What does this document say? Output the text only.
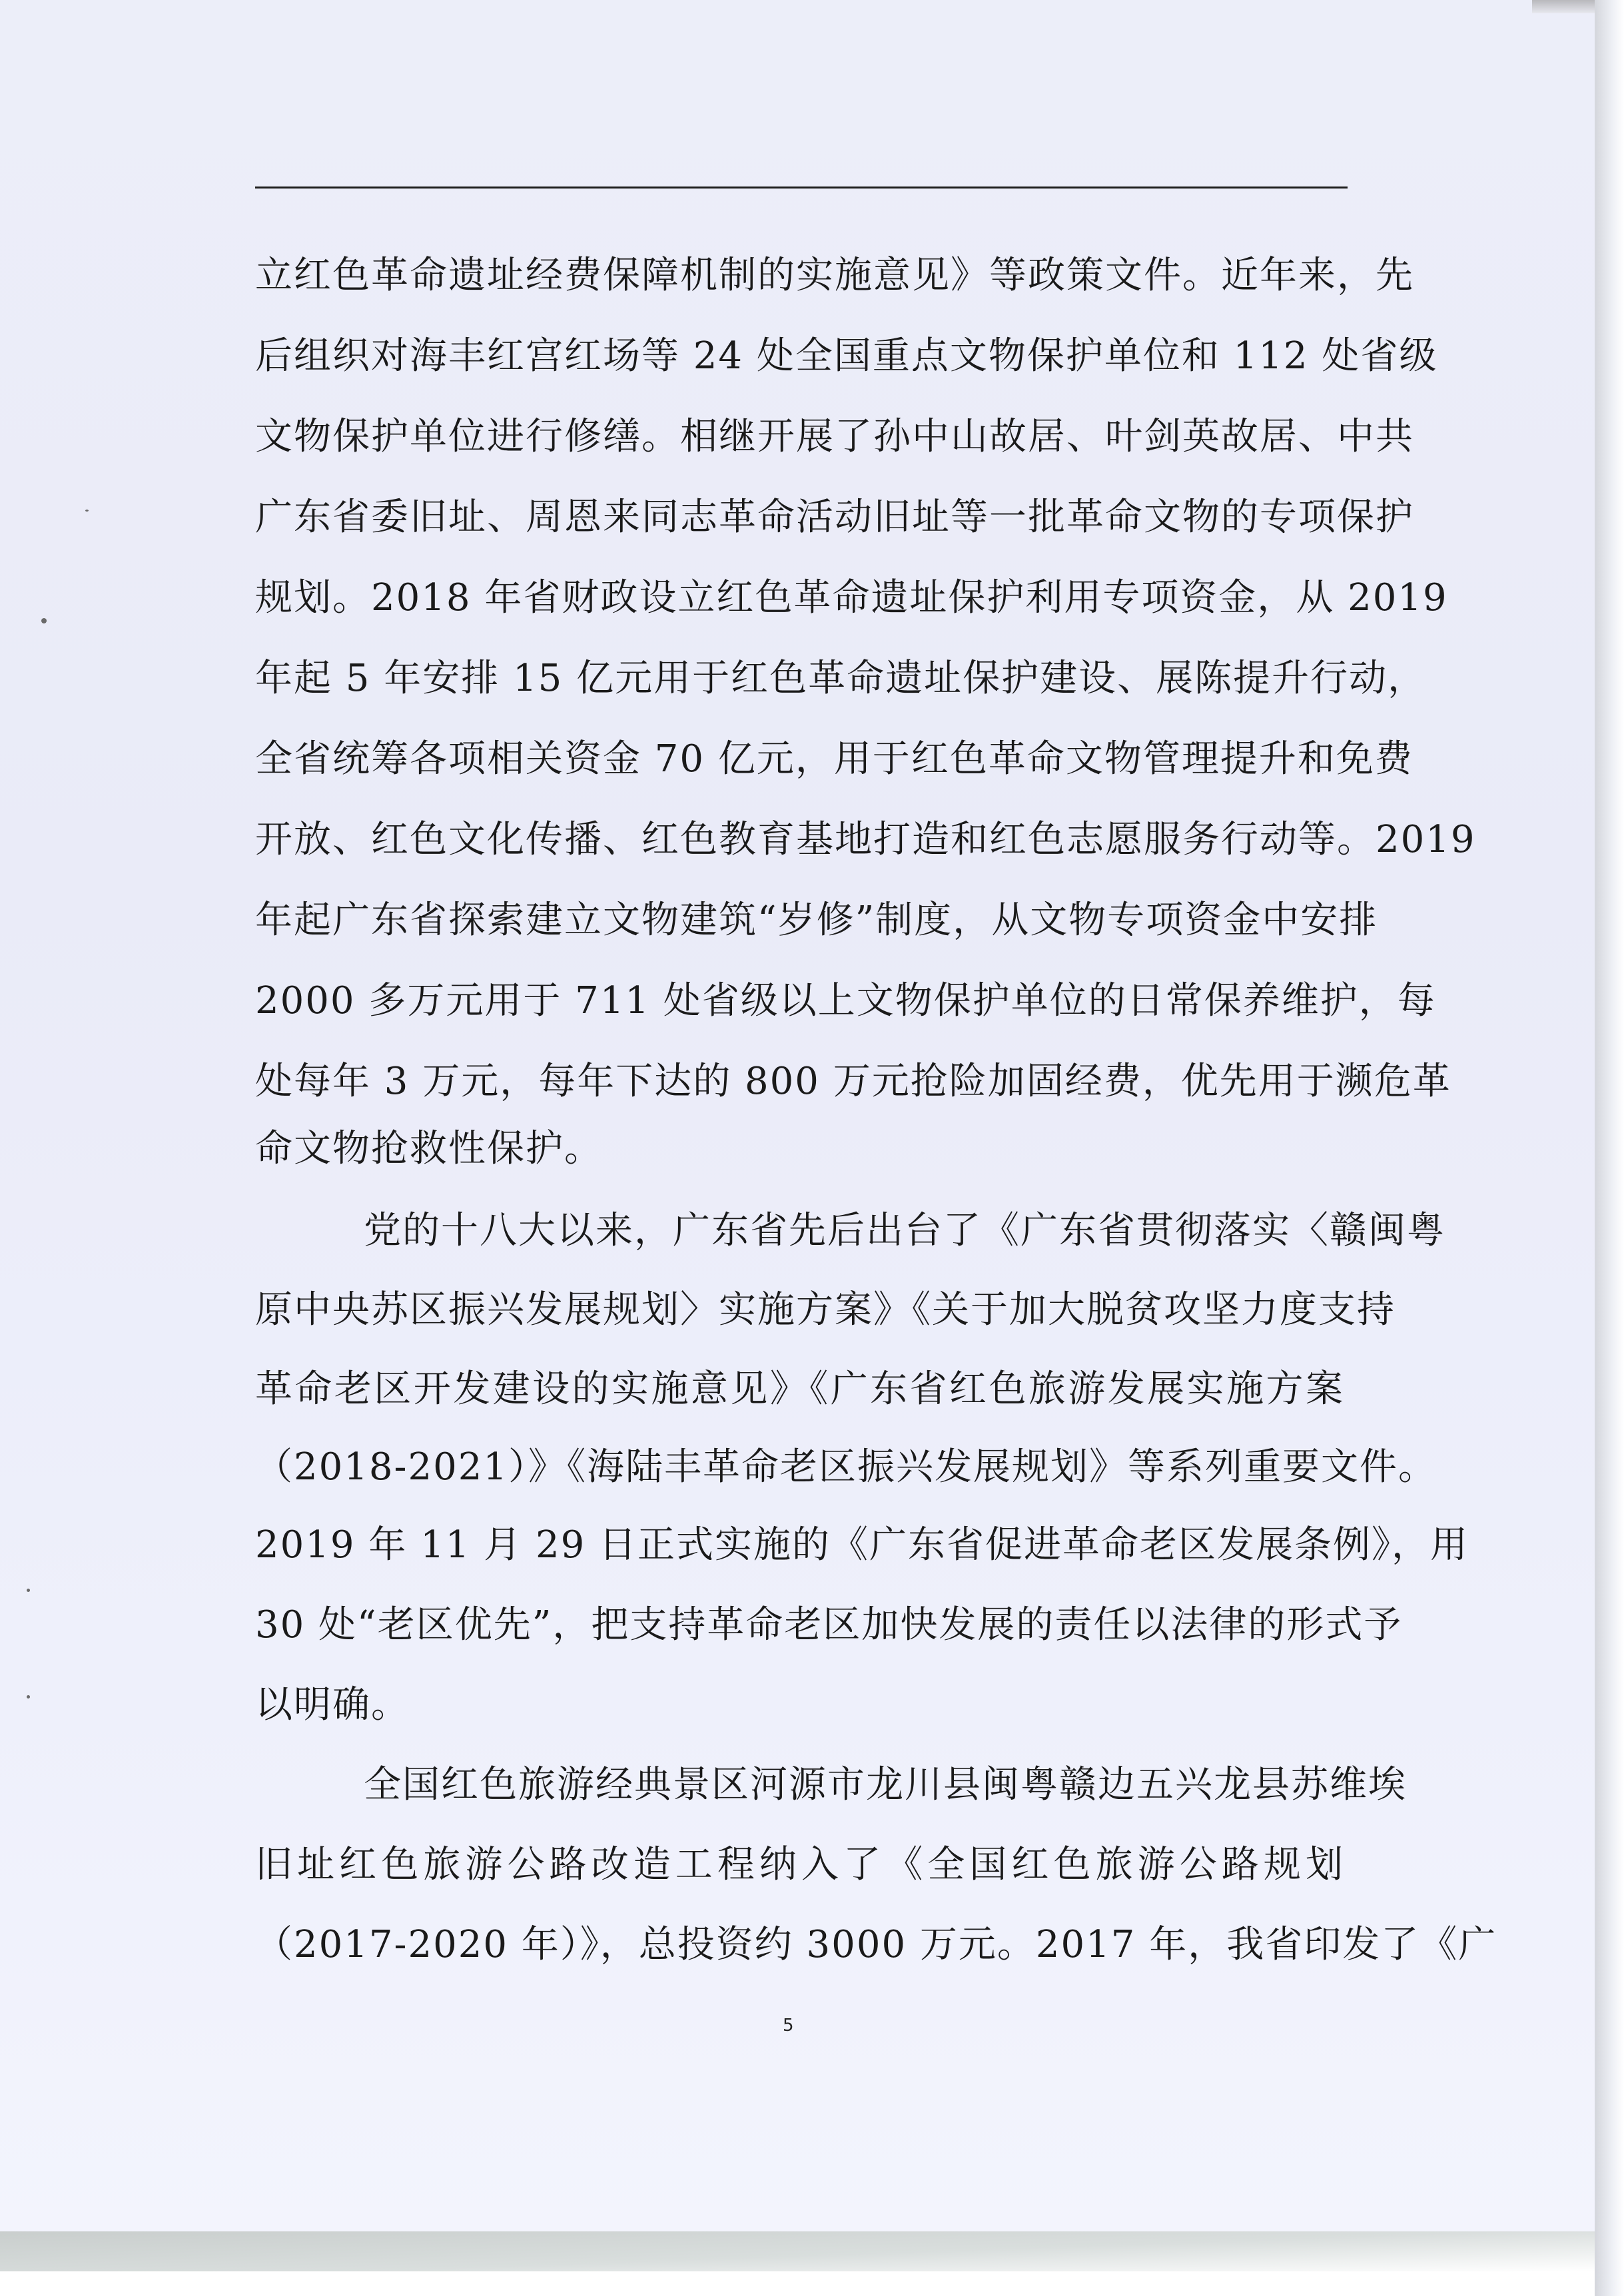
立红色革命遗址经费保障机制的实施意见》等政策文件。近年来，先
后组织对海丰红宫红场等 24 处全国重点文物保护单位和 112 处省级
文物保护单位进行修缮。相继开展了孙中山故居、叶剑英故居、中共
广东省委旧址、周恩来同志革命活动旧址等一批革命文物的专项保护
规划。2018 年省财政设立红色革命遗址保护利用专项资金，从 2019
年起 5 年安排 15 亿元用于红色革命遗址保护建设、展陈提升行动，
全省统筹各项相关资金 70 亿元，用于红色革命文物管理提升和免费
开放、红色文化传播、红色教育基地打造和红色志愿服务行动等。2019
年起广东省探索建立文物建筑“岁修”制度，从文物专项资金中安排
2000 多万元用于 711 处省级以上文物保护单位的日常保养维护，每
处每年 3 万元，每年下达的 800 万元抢险加固经费，优先用于濒危革
命文物抢救性保护。
党的十八大以来，广东省先后出台了《广东省贯彻落实〈赣闽粤
原中央苏区振兴发展规划〉实施方案》《关于加大脱贫攻坚力度支持
革命老区开发建设的实施意见》《广东省红色旅游发展实施方案
（2018-2021）》《海陆丰革命老区振兴发展规划》等系列重要文件。
2019 年 11 月 29 日正式实施的《广东省促进革命老区发展条例》，用
30 处“老区优先”，把支持革命老区加快发展的责任以法律的形式予
以明确。
全国红色旅游经典景区河源市龙川县闽粤赣边五兴龙县苏维埃
旧址红色旅游公路改造工程纳入了《全国红色旅游公路规划
（2017-2020 年）》，总投资约 3000 万元。2017 年，我省印发了《广
5
